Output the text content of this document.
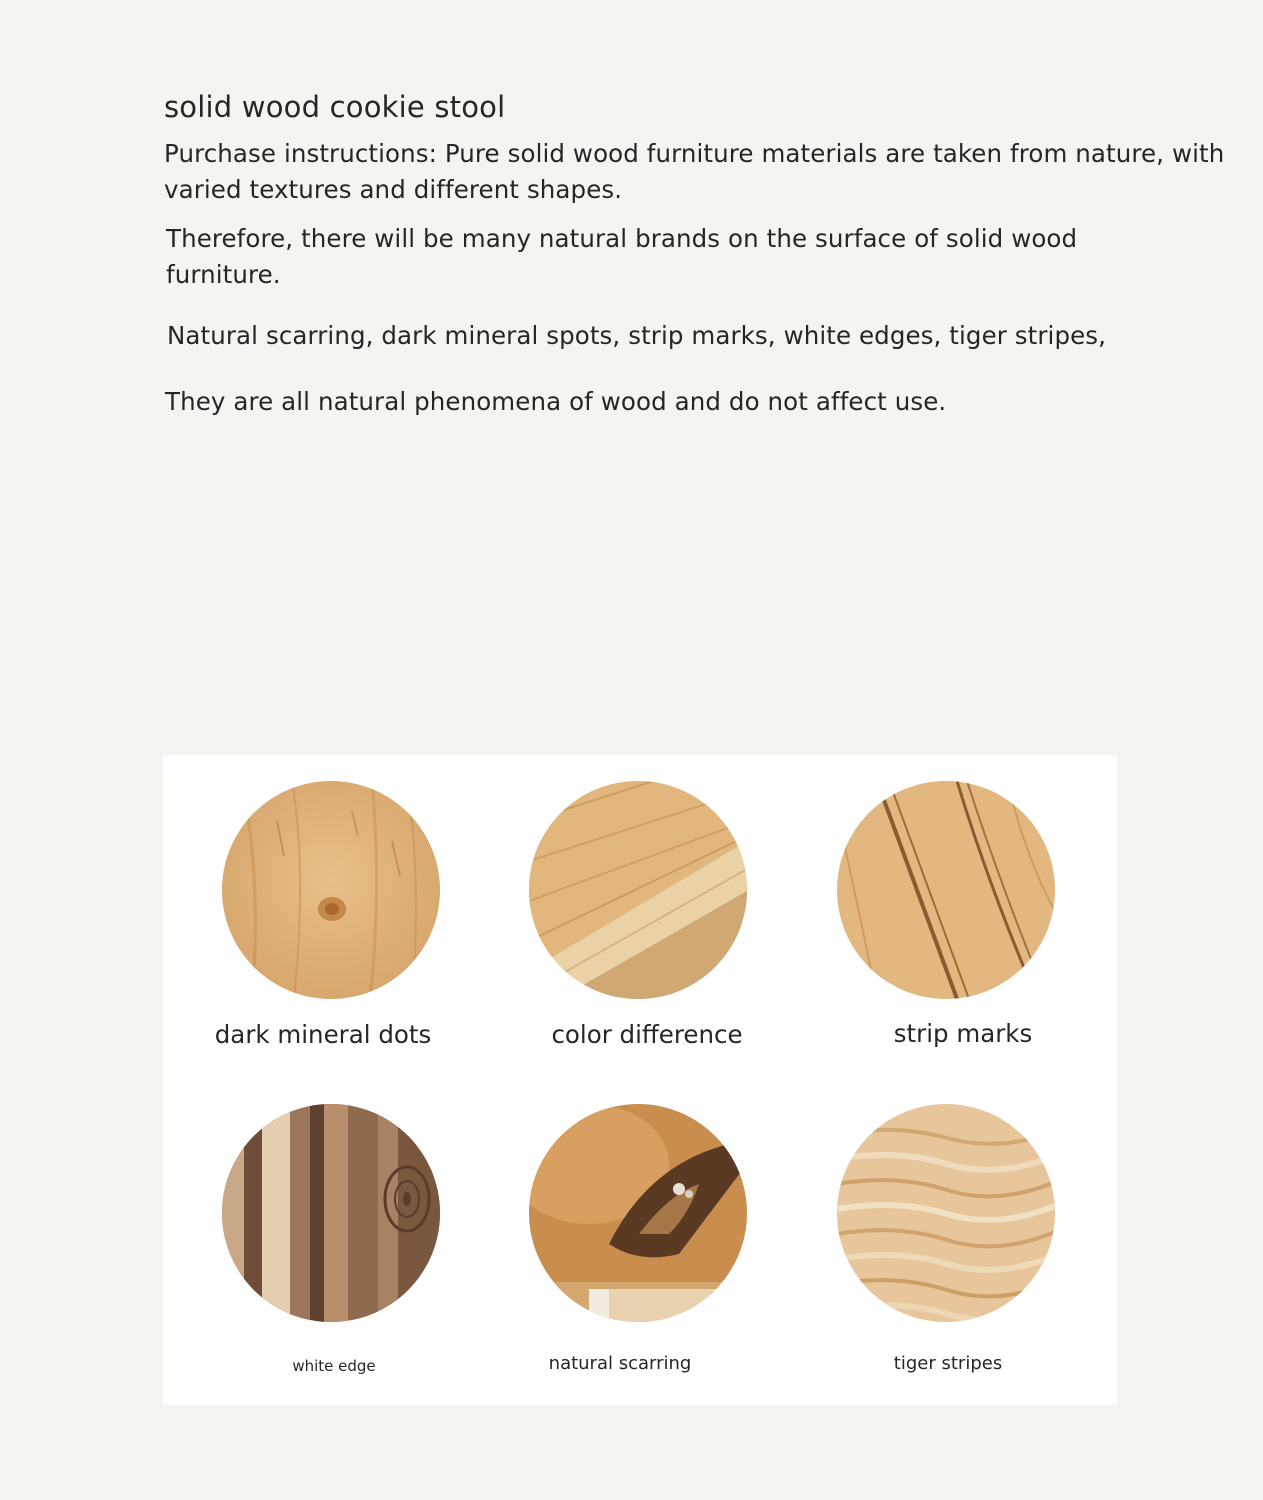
solid wood cookie stool

Purchase instructions: Pure solid wood furniture materials are taken from nature, with varied textures and different shapes.

Therefore, there will be many natural brands on the surface of solid wood furniture.

Natural scarring, dark mineral spots, strip marks, white edges, tiger stripes,

They are all natural phenomena of wood and do not affect use.

dark mineral dots	color difference	strip marks
white edge	natural scarring	tiger stripes
